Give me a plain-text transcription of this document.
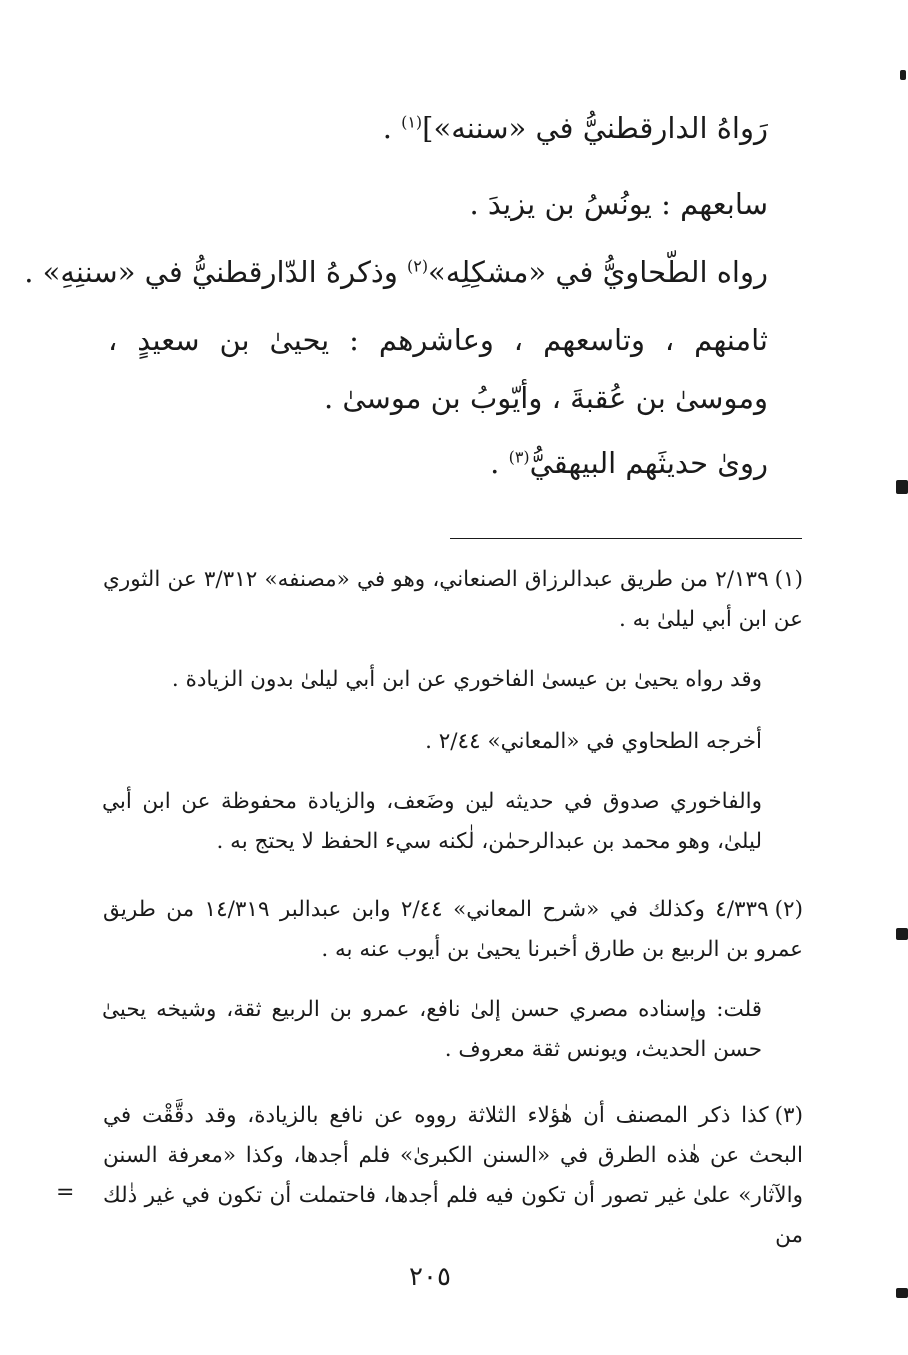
رَواهُ الدارقطنيُّ في «سننه»]$^{(١)}$ .
سابعهم : يونُسُ بن يزيدَ .
رواه الطّحاويُّ في «مشكِلِه»$^{(٢)}$ وذكرهُ الدّارقطنيُّ في «سننِهِ» .
ثامنهم ، وتاسعهم ، وعاشرهم : يحيىٰ بن سعيدٍ ، وموسىٰ بن عُقبةَ ، وأيّوبُ بن موسىٰ .
روىٰ حديثَهم البيهقيُّ$^{(٣)}$ .
(١)٢/١٣٩ من طريق عبدالرزاق الصنعاني، وهو في «مصنفه» ٣/٣١٢ عن الثوري عن ابن أبي ليلىٰ به .
وقد رواه يحيىٰ بن عيسىٰ الفاخوري عن ابن أبي ليلىٰ بدون الزيادة .
أخرجه الطحاوي في «المعاني» ٢/٤٤ .
والفاخوري صدوق في حديثه لين وضَعف، والزيادة محفوظة عن ابن أبي ليلىٰ، وهو محمد بن عبدالرحمٰن، لٰكنه سيء الحفظ لا يحتج به .
(٢)٤/٣٣٩ وكذلك في «شرح المعاني» ٢/٤٤ وابن عبدالبر ١٤/٣١٩ من طريق عمرو بن الربيع بن طارق أخبرنا يحيىٰ بن أيوب عنه به .
قلت: وإسناده مصري حسن إلىٰ نافع، عمرو بن الربيع ثقة، وشيخه يحيىٰ حسن الحديث، ويونس ثقة معروف .
(٣)كذا ذكر المصنف أن هٰؤلاء الثلاثة رووه عن نافع بالزيادة، وقد دقَّقْت في البحث عن هٰذه الطرق في «السنن الكبرىٰ» فلم أجدها، وكذا «معرفة السنن والآثار» علىٰ غير تصور أن تكون فيه فلم أجدها، فاحتملت أن تكون في غير ذٰلك من
=
٢٠٥
